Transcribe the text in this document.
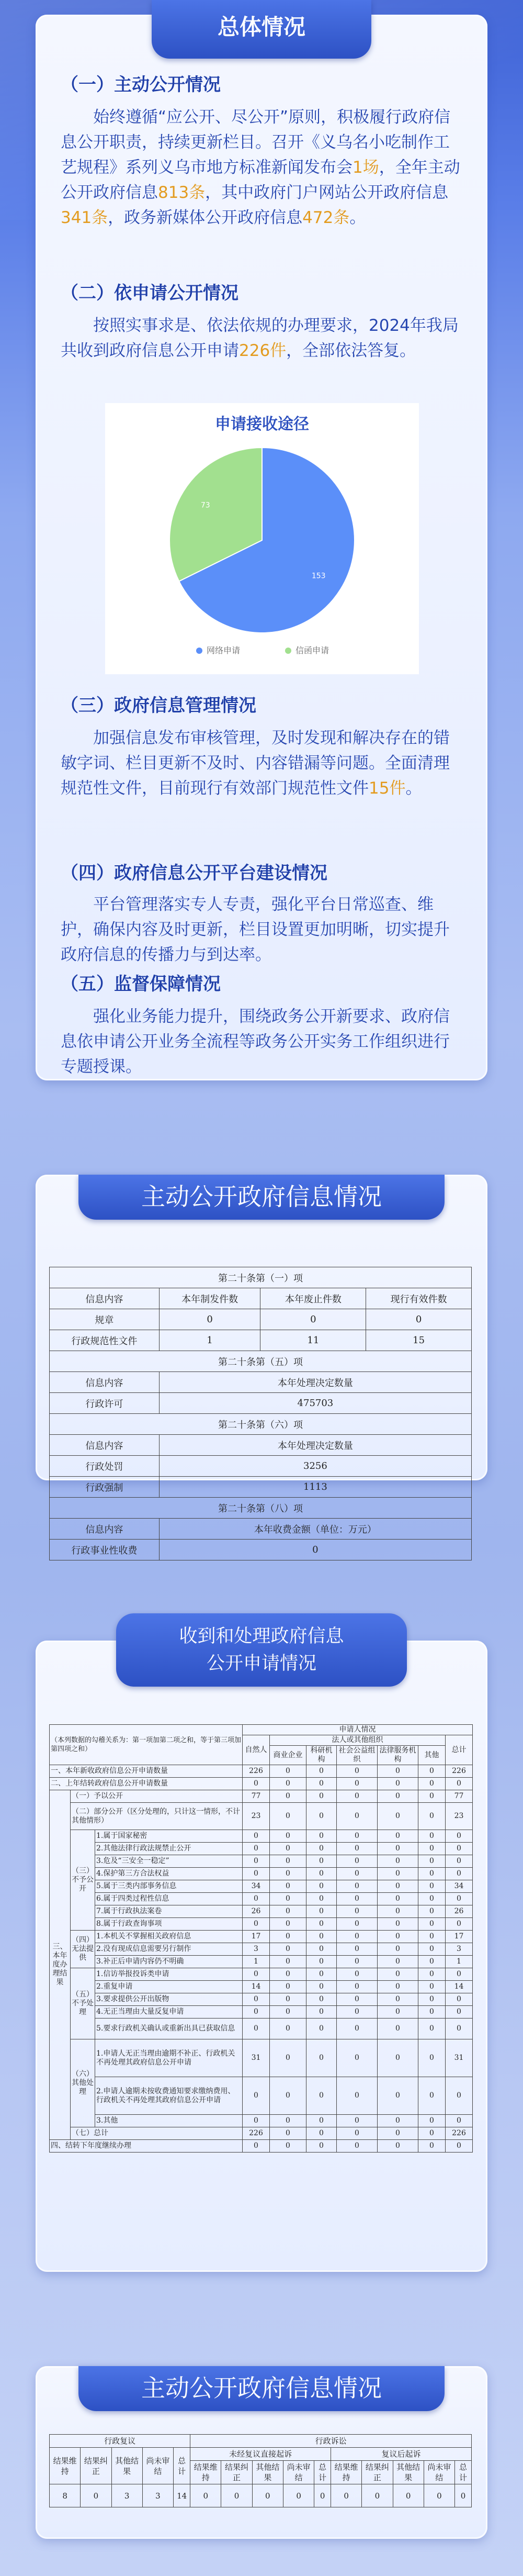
总体情况
（一）主动公开情况
始终遵循“应公开、尽公开”原则，积极履行政府信息公开职责，持续更新栏目。召开《义乌名小吃制作工艺规程》系列义乌市地方标准新闻发布会1场，全年主动公开政府信息813条，其中政府门户网站公开政府信息341条，政务新媒体公开政府信息472条。
（二）依申请公开情况
按照实事求是、依法依规的办理要求，2024年我局共收到政府信息公开申请226件，全部依法答复。
申请接收途径
153
73
网络申请	信函申请
（三）政府信息管理情况
加强信息发布审核管理，及时发现和解决存在的错敏字词、栏目更新不及时、内容错漏等问题。全面清理规范性文件，目前现行有效部门规范性文件15件。
（四）政府信息公开平台建设情况
平台管理落实专人专责，强化平台日常巡查、维护，确保内容及时更新，栏目设置更加明晰，切实提升政府信息的传播力与到达率。
（五）监督保障情况
强化业务能力提升，围绕政务公开新要求、政府信息依申请公开业务全流程等政务公开实务工作组织进行专题授课。
主动公开政府信息情况
第二十条第（一）项			
信息内容	本年制发件数	本年废止件数	现行有效件数
规章	0	0	0
行政规范性文件	1	11	15
第二十条第（五）项			
信息内容	本年处理决定数量		
行政许可	475703		
第二十条第（六）项			
信息内容	本年处理决定数量		
行政处罚	3256		
行政强制	1113		
第二十条第（八）项			
信息内容	本年收费金额（单位：万元）		
行政事业性收费	0		
收到和处理政府信息
公开申请情况
（本列数据的勾稽关系为：第一项加第二项之和，等于第三项加第四项之和）			申请人情况						
			自然人	法人或其他组织					总计
				商业企业	科研机构	社会公益组织	法律服务机构	其他	
一、本年新收政府信息公开申请数量			226	0	0	0	0	0	226
二、上年结转政府信息公开申请数量			0	0	0	0	0	0	0
三、本年度办理结果	（一）予以公开		77	0	0	0	0	0	77
	（二）部分公开（区分处理的，只计这一情形，不计其他情形）		23	0	0	0	0	0	23
	（三）不予公开	1.属于国家秘密	0	0	0	0	0	0	0
		2.其他法律行政法规禁止公开	0	0	0	0	0	0	0
		3.危及“三安全一稳定”	0	0	0	0	0	0	0
		4.保护第三方合法权益	0	0	0	0	0	0	0
		5.属于三类内部事务信息	34	0	0	0	0	0	34
		6.属于四类过程性信息	0	0	0	0	0	0	0
		7.属于行政执法案卷	26	0	0	0	0	0	26
		8.属于行政查询事项	0	0	0	0	0	0	0
	（四）无法提供	1.本机关不掌握相关政府信息	17	0	0	0	0	0	17
		2.没有现成信息需要另行制作	3	0	0	0	0	0	3
		3.补正后申请内容仍不明确	1	0	0	0	0	0	1
	（五）不予处理	1.信访举报投诉类申请	0	0	0	0	0	0	0
		2.重复申请	14	0	0	0	0	0	14
		3.要求提供公开出版物	0	0	0	0	0	0	0
		4.无正当理由大量反复申请	0	0	0	0	0	0	0
		5.要求行政机关确认或重新出具已获取信息	0	0	0	0	0	0	0
	（六）其他处理	1.申请人无正当理由逾期不补正、行政机关不再处理其政府信息公开申请	31	0	0	0	0	0	31
		2.申请人逾期未按收费通知要求缴纳费用、行政机关不再处理其政府信息公开申请	0	0	0	0	0	0	0
		3.其他	0	0	0	0	0	0	0
	（七）总计		226	0	0	0	0	0	226
四、结转下年度继续办理			0	0	0	0	0	0	0
主动公开政府信息情况
行政复议					行政诉讼									
结果维持	结果纠正	其他结果	尚未审结	总计	未经复议直接起诉					复议后起诉				
					结果维持	结果纠正	其他结果	尚未审结	总计	结果维持	结果纠正	其他结果	尚未审结	总计
8	0	3	3	14	0	0	0	0	0	0	0	0	0	0
